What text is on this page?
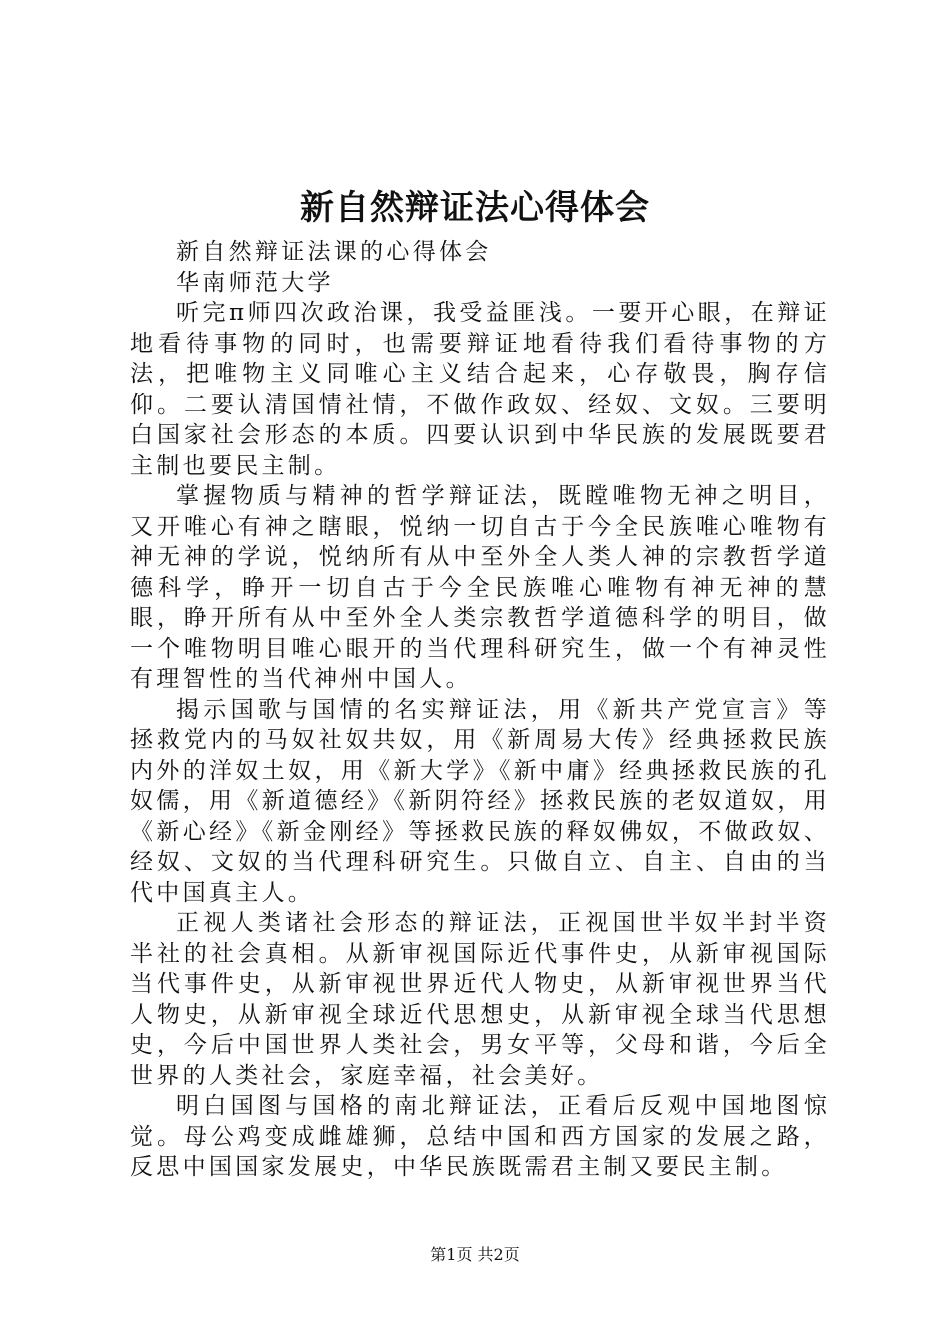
新自然辩证法心得体会

新自然辩证法课的心得体会

华南师范大学

听完π师四次政治课，我受益匪浅。一要开心眼，在辩证地看待事物的同时，也需要辩证地看待我们看待事物的方法，把唯物主义同唯心主义结合起来，心存敬畏，胸存信仰。二要认清国情社情，不做作政奴、经奴、文奴。三要明白国家社会形态的本质。四要认识到中华民族的发展既要君主制也要民主制。

掌握物质与精神的哲学辩证法，既瞠唯物无神之明目，又开唯心有神之瞎眼，悦纳一切自古于今全民族唯心唯物有神无神的学说，悦纳所有从中至外全人类人神的宗教哲学道德科学，睁开一切自古于今全民族唯心唯物有神无神的慧眼，睁开所有从中至外全人类宗教哲学道德科学的明目，做一个唯物明目唯心眼开的当代理科研究生，做一个有神灵性有理智性的当代神州中国人。

揭示国歌与国情的名实辩证法，用《新共产党宣言》等拯救党内的马奴社奴共奴，用《新周易大传》经典拯救民族内外的洋奴土奴，用《新大学》《新中庸》经典拯救民族的孔奴儒，用《新道德经》《新阴符经》拯救民族的老奴道奴，用《新心经》《新金刚经》等拯救民族的释奴佛奴，不做政奴、经奴、文奴的当代理科研究生。只做自立、自主、自由的当代中国真主人。

正视人类诸社会形态的辩证法，正视国世半奴半封半资半社的社会真相。从新审视国际近代事件史，从新审视国际当代事件史，从新审视世界近代人物史，从新审视世界当代人物史，从新审视全球近代思想史，从新审视全球当代思想史，今后中国世界人类社会，男女平等，父母和谐，今后全世界的人类社会，家庭幸福，社会美好。

明白国图与国格的南北辩证法，正看后反观中国地图惊觉。母公鸡变成雌雄狮，总结中国和西方国家的发展之路，反思中国国家发展史，中华民族既需君主制又要民主制。

第1页 共2页
